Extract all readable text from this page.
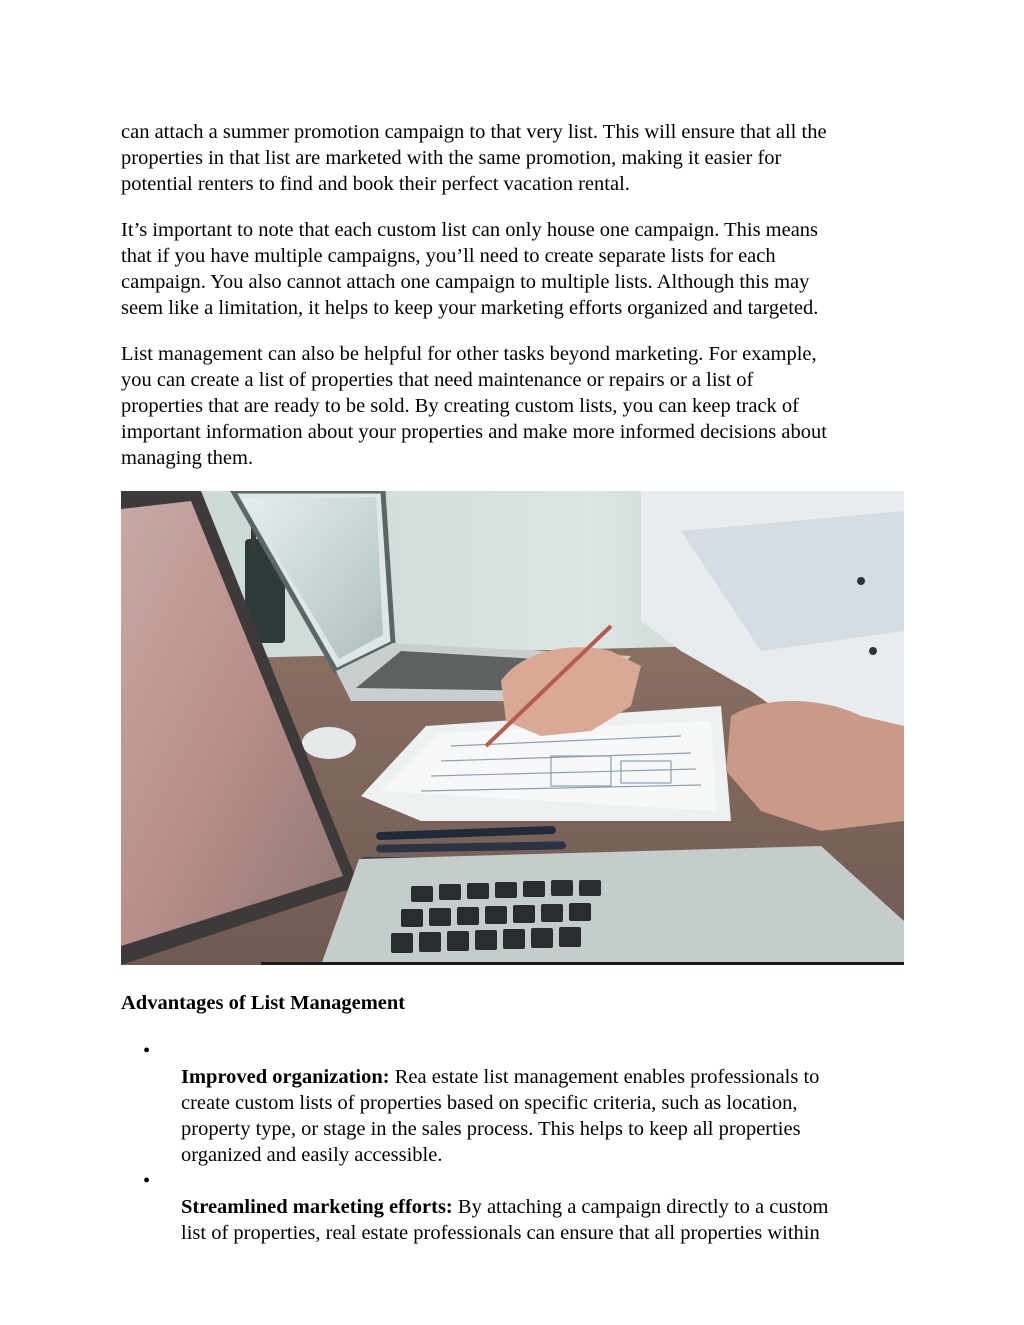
can attach a summer promotion campaign to that very list. This will ensure that all the
properties in that list are marketed with the same promotion, making it easier for
potential renters to find and book their perfect vacation rental.

It’s important to note that each custom list can only house one campaign. This means
that if you have multiple campaigns, you’ll need to create separate lists for each
campaign. You also cannot attach one campaign to multiple lists. Although this may
seem like a limitation, it helps to keep your marketing efforts organized and targeted.

List management can also be helpful for other tasks beyond marketing. For example,
you can create a list of properties that need maintenance or repairs or a list of
properties that are ready to be sold. By creating custom lists, you can keep track of
important information about your properties and make more informed decisions about
managing them.

Advantages of List Management

•
Improved organization: Rea estate list management enables professionals to
create custom lists of properties based on specific criteria, such as location,
property type, or stage in the sales process. This helps to keep all properties
organized and easily accessible.

•
Streamlined marketing efforts: By attaching a campaign directly to a custom
list of properties, real estate professionals can ensure that all properties within
